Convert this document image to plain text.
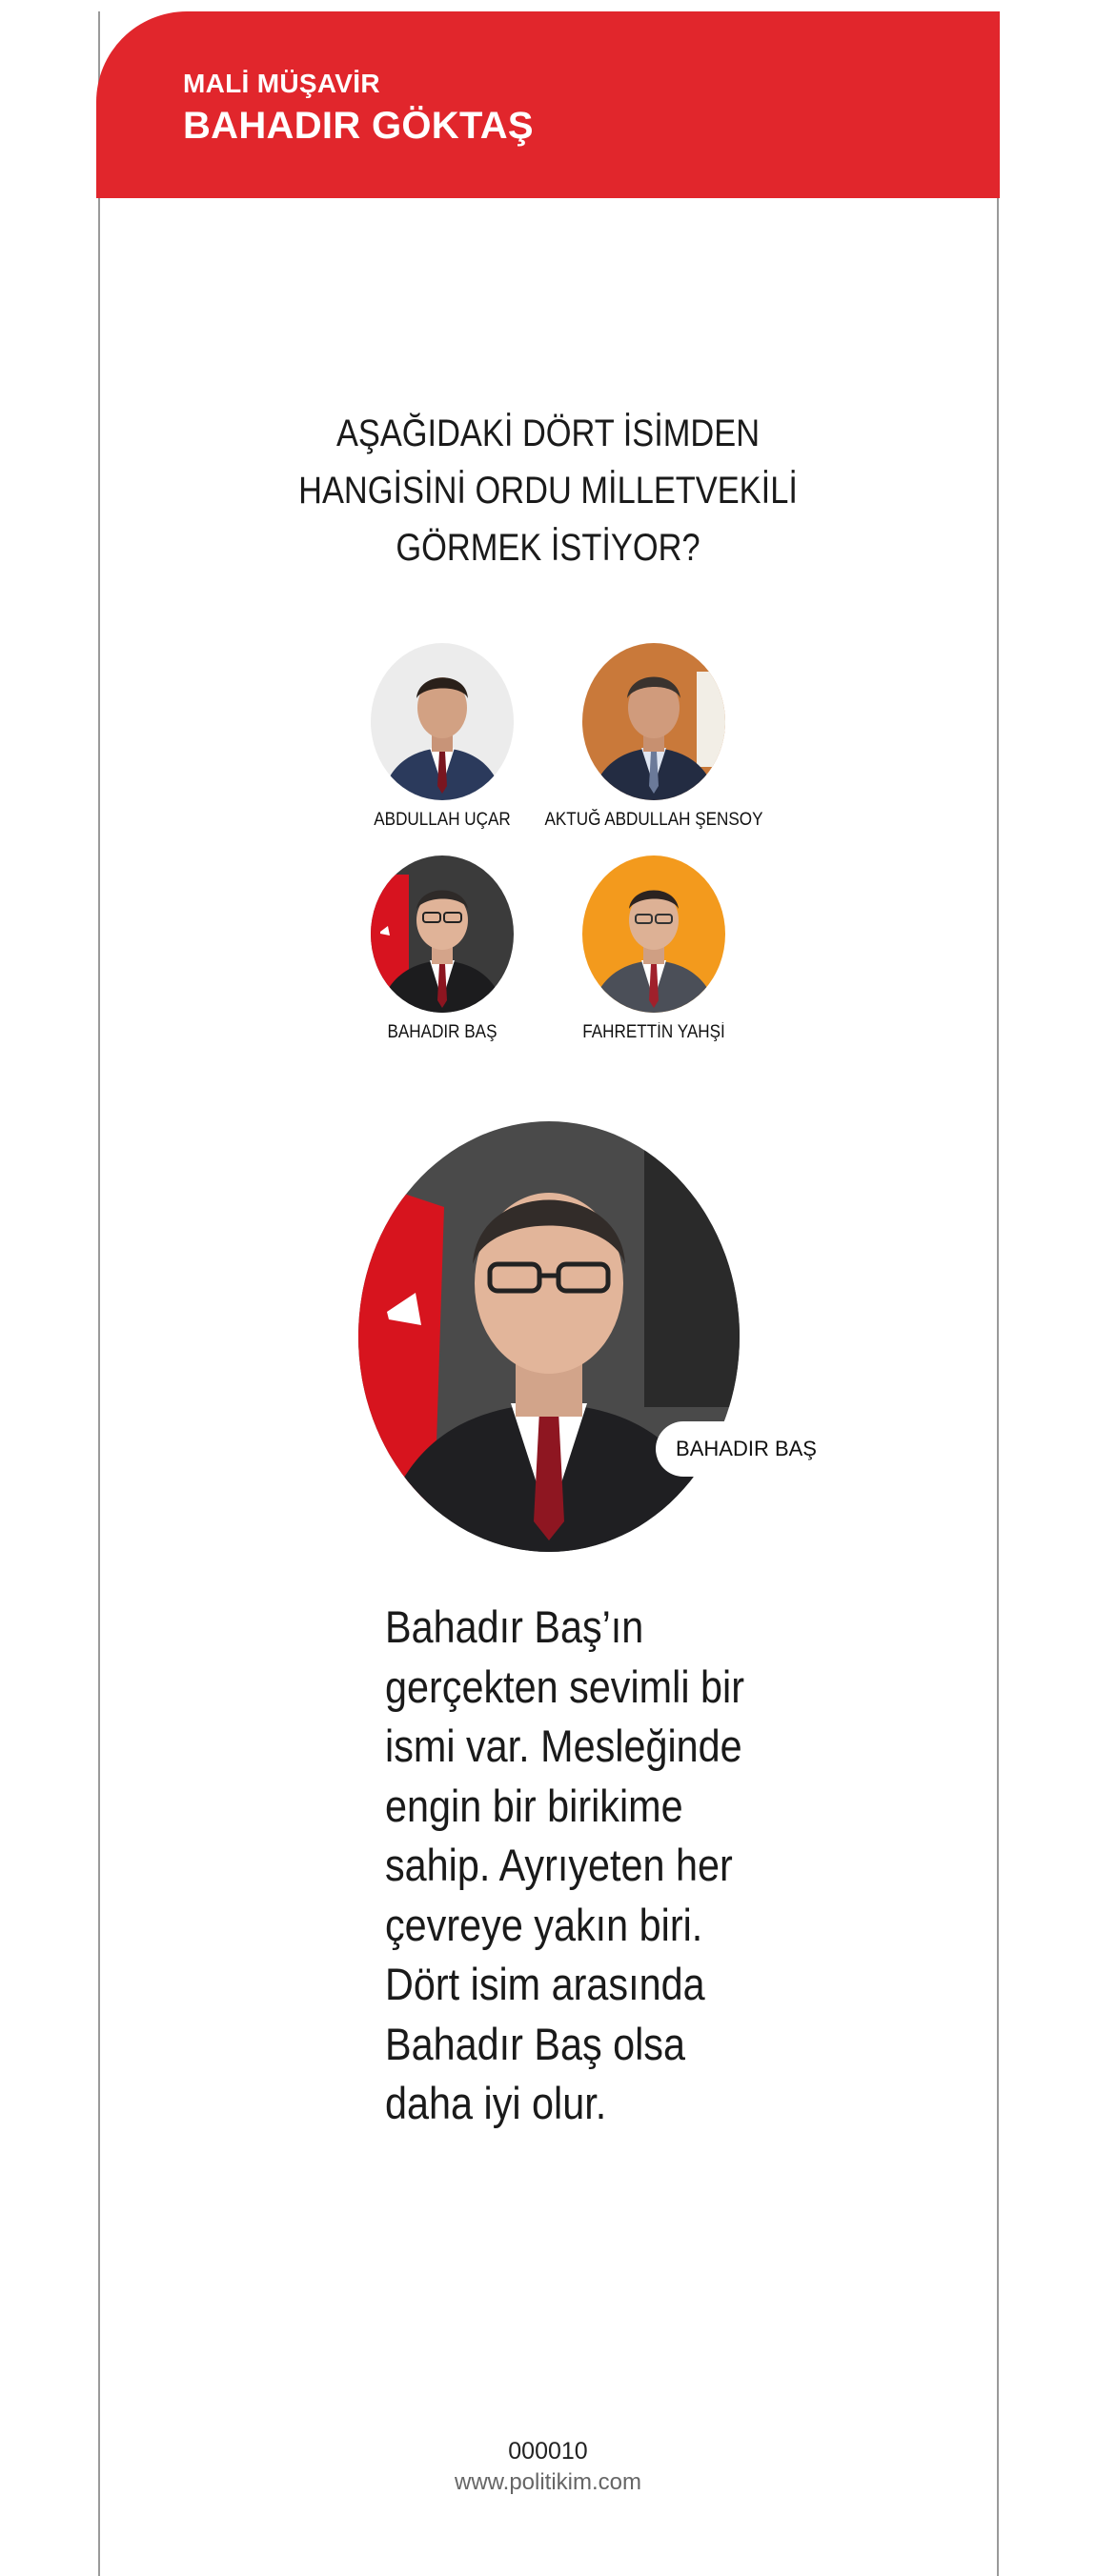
MALİ MÜŞAVİR
BAHADIR GÖKTAŞ
AŞAĞIDAKİ DÖRT İSİMDEN
HANGİSİNİ ORDU MİLLETVEKİLİ
GÖRMEK İSTİYOR?
ABDULLAH UÇAR	AKTUĞ ABDULLAH ŞENSOY
BAHADIR BAŞ	FAHRETTİN YAHŞİ
BAHADIR BAŞ
Bahadır Baş’ın
gerçekten sevimli bir
ismi var. Mesleğinde
engin bir birikime
sahip. Ayrıyeten her
çevreye yakın biri.
Dört isim arasında
Bahadır Baş olsa
daha iyi olur.
000010
www.politikim.com
